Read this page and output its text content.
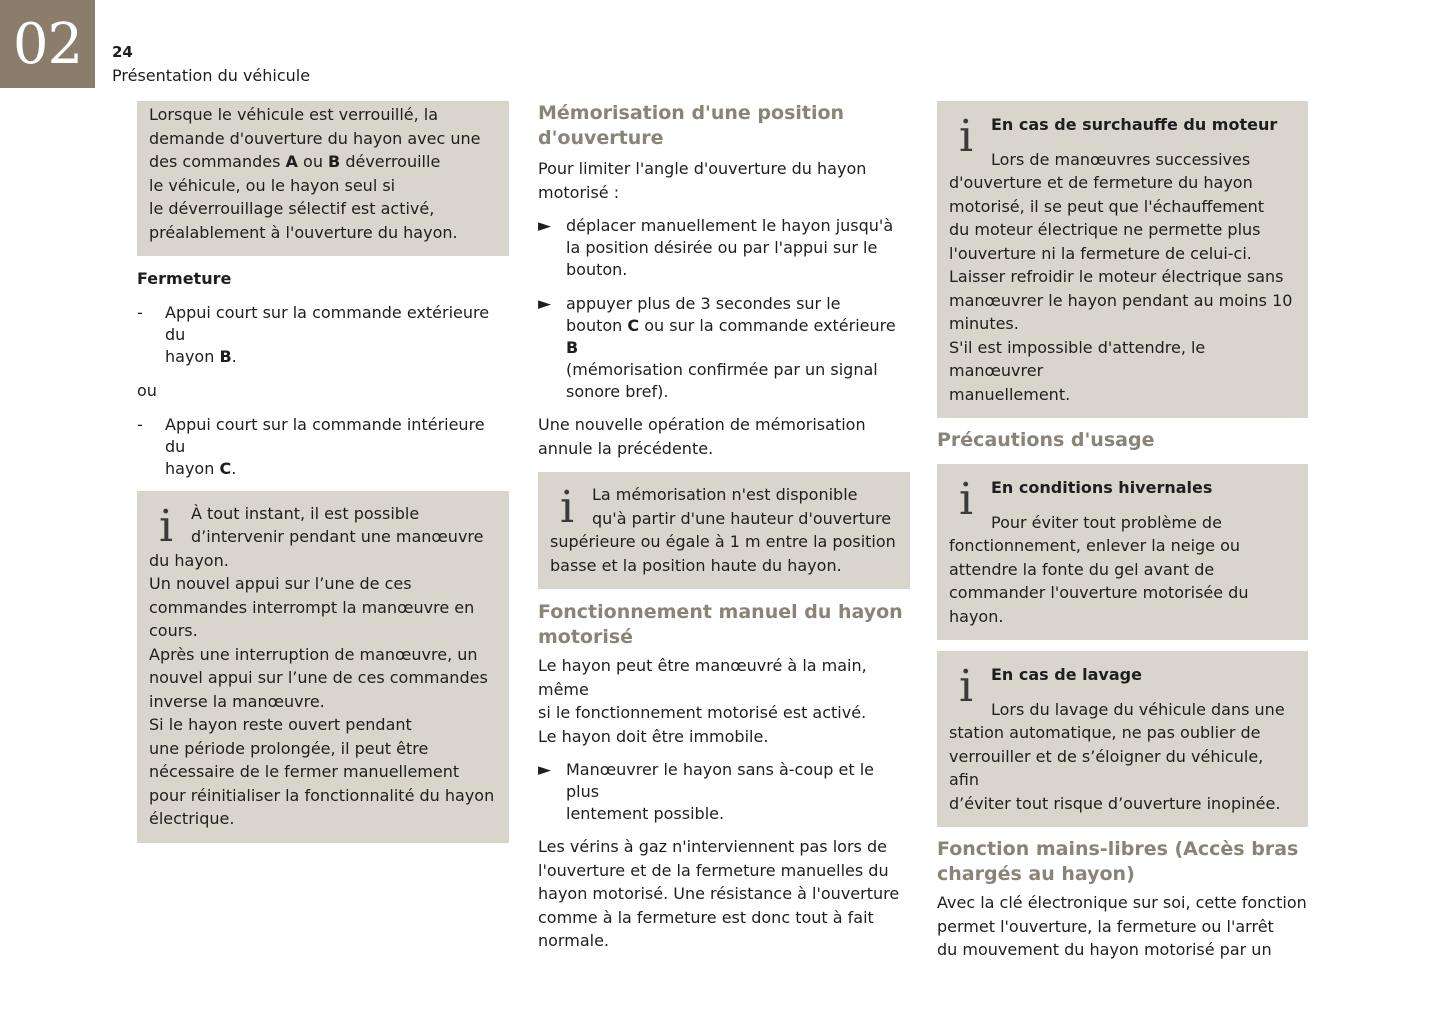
02	24
Présentation du véhicule

Lorsque le véhicule est verrouillé, la

demande d'ouverture du hayon avec une

des commandes A ou B déverrouille

le véhicule, ou le hayon seul si

le déverrouillage sélectif est activé,

préalablement à l'ouverture du hayon.

Fermeture
- Appui court sur la commande extérieure du
hayon B.

ou

- Appui court sur la commande intérieure du
hayon C.
i	À tout instant, il est possible

d’intervenir pendant une manœuvre

du hayon.

Un nouvel appui sur l’une de ces

commandes interrompt la manœuvre en

cours.

Après une interruption de manœuvre, un

nouvel appui sur l’une de ces commandes

inverse la manœuvre.

Si le hayon reste ouvert pendant

une période prolongée, il peut être

nécessaire de le fermer manuellement

pour réinitialiser la fonctionnalité du hayon

électrique.

Mémorisation d'une position d'ouverture

Pour limiter l'angle d'ouverture du hayon

motorisé :

► déplacer manuellement le hayon jusqu'à
la position désirée ou par l'appui sur le
bouton.
► appuyer plus de 3 secondes sur le
bouton C ou sur la commande extérieure B
(mémorisation confirmée par un signal
sonore bref).

Une nouvelle opération de mémorisation

annule la précédente.

i	La mémorisation n'est disponible

qu'à partir d'une hauteur d'ouverture

supérieure ou égale à 1 m entre la position

basse et la position haute du hayon.

Fonctionnement manuel du hayon
motorisé

Le hayon peut être manœuvré à la main, même

si le fonctionnement motorisé est activé.

Le hayon doit être immobile.

► Manœuvrer le hayon sans à-coup et le plus
lentement possible.

Les vérins à gaz n'interviennent pas lors de

l'ouverture et de la fermeture manuelles du

hayon motorisé. Une résistance à l'ouverture

comme à la fermeture est donc tout à fait

normale.

i	En cas de surchauffe du moteur

Lors de manœuvres successives

d'ouverture et de fermeture du hayon

motorisé, il se peut que l'échauffement

du moteur électrique ne permette plus

l'ouverture ni la fermeture de celui-ci.

Laisser refroidir le moteur électrique sans

manœuvrer le hayon pendant au moins 10

minutes.

S'il est impossible d'attendre, le manœuvrer

manuellement.

Précautions d'usage
i	En conditions hivernales

Pour éviter tout problème de

fonctionnement, enlever la neige ou

attendre la fonte du gel avant de

commander l'ouverture motorisée du

hayon.

i	En cas de lavage

Lors du lavage du véhicule dans une

station automatique, ne pas oublier de

verrouiller et de s’éloigner du véhicule, afin

d’éviter tout risque d’ouverture inopinée.

Fonction mains-libres (Accès bras
chargés au hayon)

Avec la clé électronique sur soi, cette fonction

permet l'ouverture, la fermeture ou l'arrêt

du mouvement du hayon motorisé par un
